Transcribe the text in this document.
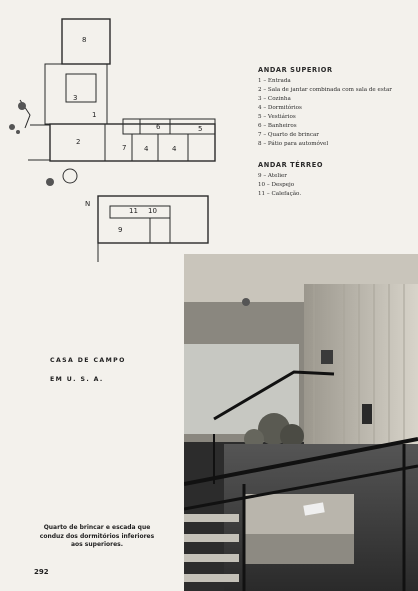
8
3
1
2
7	4	4
6	5
9
10
11
N
ANDAR SUPERIOR
1 – Entrada
2 – Sala de jantar combinada com sala de estar
3 – Cozinha
4 – Dormitórios
5 – Vestiários
6 – Banheiros
7 – Quarto de brincar
8 – Pátio para automóvel
ANDAR TÉRREO
9 – Atelier
10 – Despejo
11 – Calefação.
CASA DE CAMPO
EM U. S. A.
Quarto de brincar e escada que
conduz dos dormitórios inferiores
aos superiores.
292
